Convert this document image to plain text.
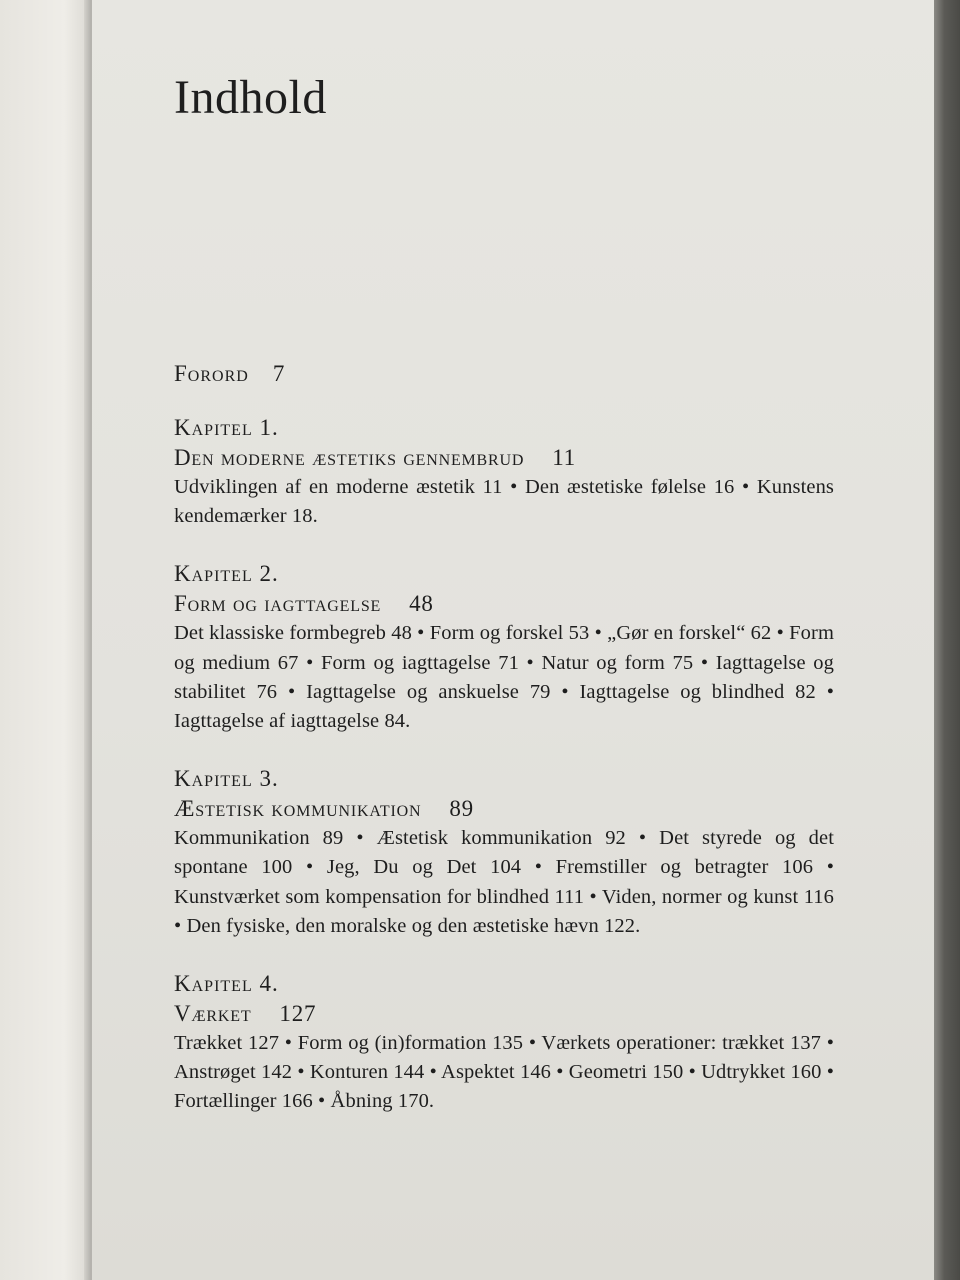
Indhold
Forord 7
Kapitel 1.
Den moderne æstetiks gennembrud 11

Udviklingen af en moderne æstetik 11 • Den æstetiske følelse 16 • Kunstens kendemærker 18.

Kapitel 2.
Form og iagttagelse 48

Det klassiske formbegreb 48 • Form og forskel 53 • „Gør en forskel“ 62 • Form og medium 67 • Form og iagttagelse 71 • Natur og form 75 • Iagttagelse og stabilitet 76 • Iagttagelse og anskuelse 79 • Iagttagelse og blindhed 82 • Iagttagelse af iagttagelse 84.

Kapitel 3.
Æstetisk kommunikation 89

Kommunikation 89 • Æstetisk kommunikation 92 • Det styrede og det spontane 100 • Jeg, Du og Det 104 • Fremstiller og betragter 106 • Kunstværket som kompensation for blindhed 111 • Viden, normer og kunst 116 • Den fysiske, den moralske og den æstetiske hævn 122.

Kapitel 4.
Værket 127

Trækket 127 • Form og (in)formation 135 • Værkets operationer: trækket 137 • Anstrøget 142 • Konturen 144 • Aspektet 146 • Geometri 150 • Udtrykket 160 • Fortællinger 166 • Åbning 170.
